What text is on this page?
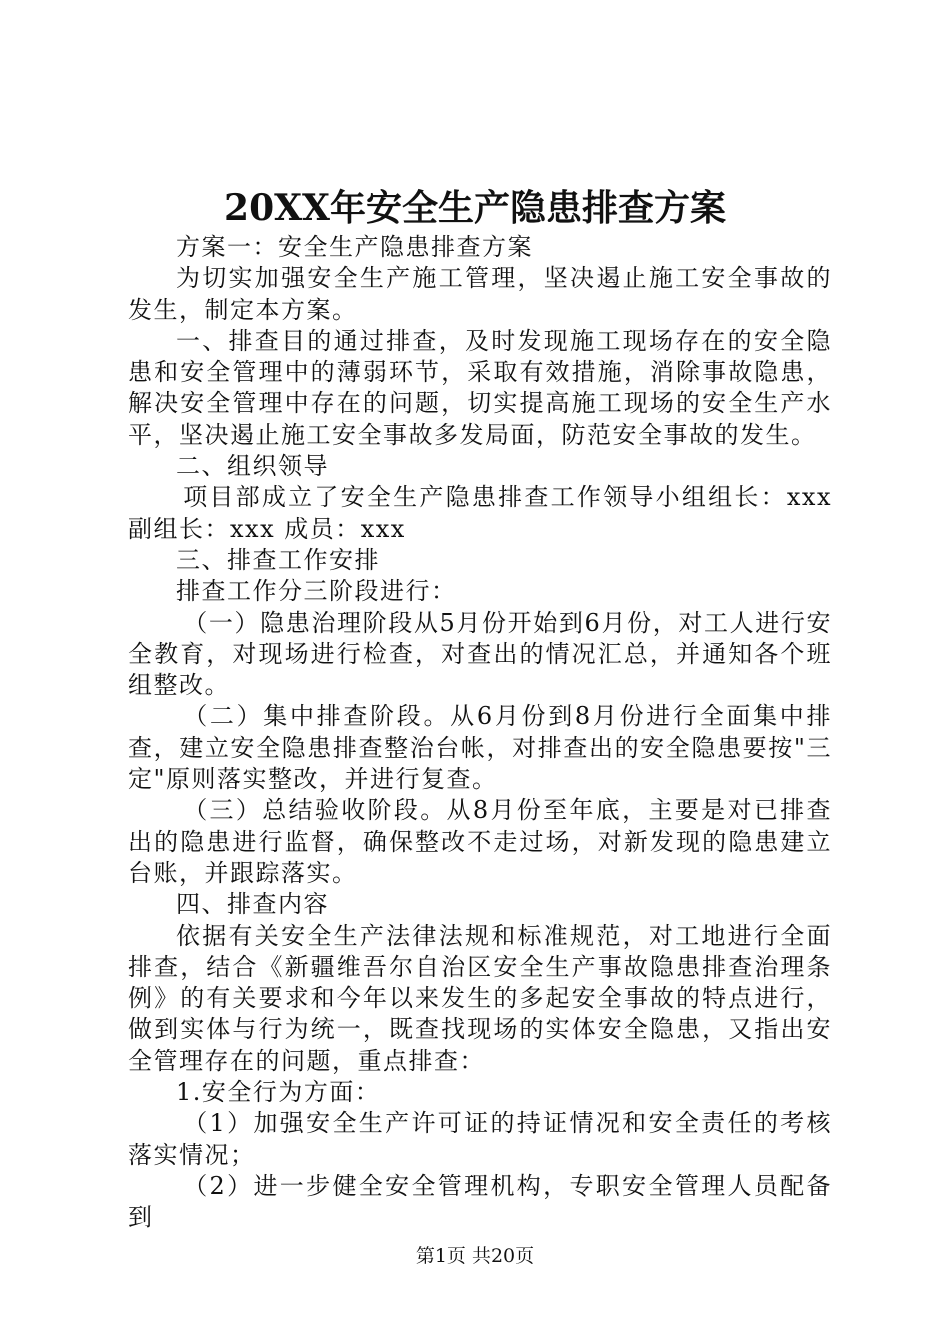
20XX年安全生产隐患排查方案

方案一：安全生产隐患排查方案

为切实加强安全生产施工管理，坚决遏止施工安全事故的发生，制定本方案。

一、排查目的通过排查，及时发现施工现场存在的安全隐患和安全管理中的薄弱环节，采取有效措施，消除事故隐患，解决安全管理中存在的问题，切实提高施工现场的安全生产水平，坚决遏止施工安全事故多发局面，防范安全事故的发生。

二、组织领导

项目部成立了安全生产隐患排查工作领导小组组长：xxx副组长：xxx 成员：xxx

三、排查工作安排

排查工作分三阶段进行：

（一）隐患治理阶段从5月份开始到6月份，对工人进行安全教育，对现场进行检查，对查出的情况汇总，并通知各个班组整改。

（二）集中排查阶段。从6月份到8月份进行全面集中排查，建立安全隐患排查整治台帐，对排查出的安全隐患要按"三定"原则落实整改，并进行复查。

（三）总结验收阶段。从8月份至年底，主要是对已排查出的隐患进行监督，确保整改不走过场，对新发现的隐患建立台账，并跟踪落实。

四、排查内容

依据有关安全生产法律法规和标准规范，对工地进行全面排查，结合《新疆维吾尔自治区安全生产事故隐患排查治理条例》的有关要求和今年以来发生的多起安全事故的特点进行，做到实体与行为统一，既查找现场的实体安全隐患，又指出安全管理存在的问题，重点排查：

1.安全行为方面：

（1）加强安全生产许可证的持证情况和安全责任的考核落实情况；

（2）进一步健全安全管理机构，专职安全管理人员配备到

第1页 共20页
